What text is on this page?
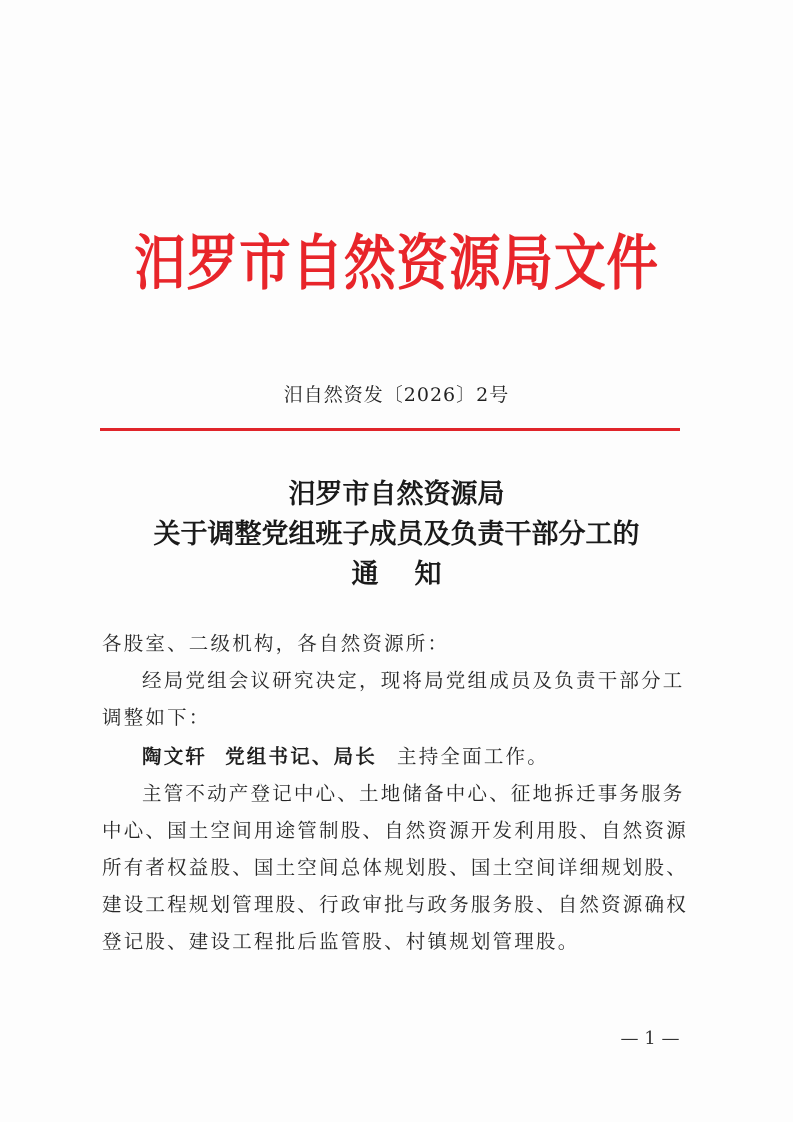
汨罗市自然资源局文件
汨自然资发〔2026〕2号
汨罗市自然资源局
关于调整党组班子成员及负责干部分工的
通知

各股室、二级机构，各自然资源所：

经局党组会议研究决定，现将局党组成员及负责干部分工调整如下：

陶文轩 党组书记、局长 主持全面工作。

主管不动产登记中心、土地储备中心、征地拆迁事务服务中心、国土空间用途管制股、自然资源开发利用股、自然资源所有者权益股、国土空间总体规划股、国土空间详细规划股、建设工程规划管理股、行政审批与政务服务股、自然资源确权登记股、建设工程批后监管股、村镇规划管理股。

— 1 —
